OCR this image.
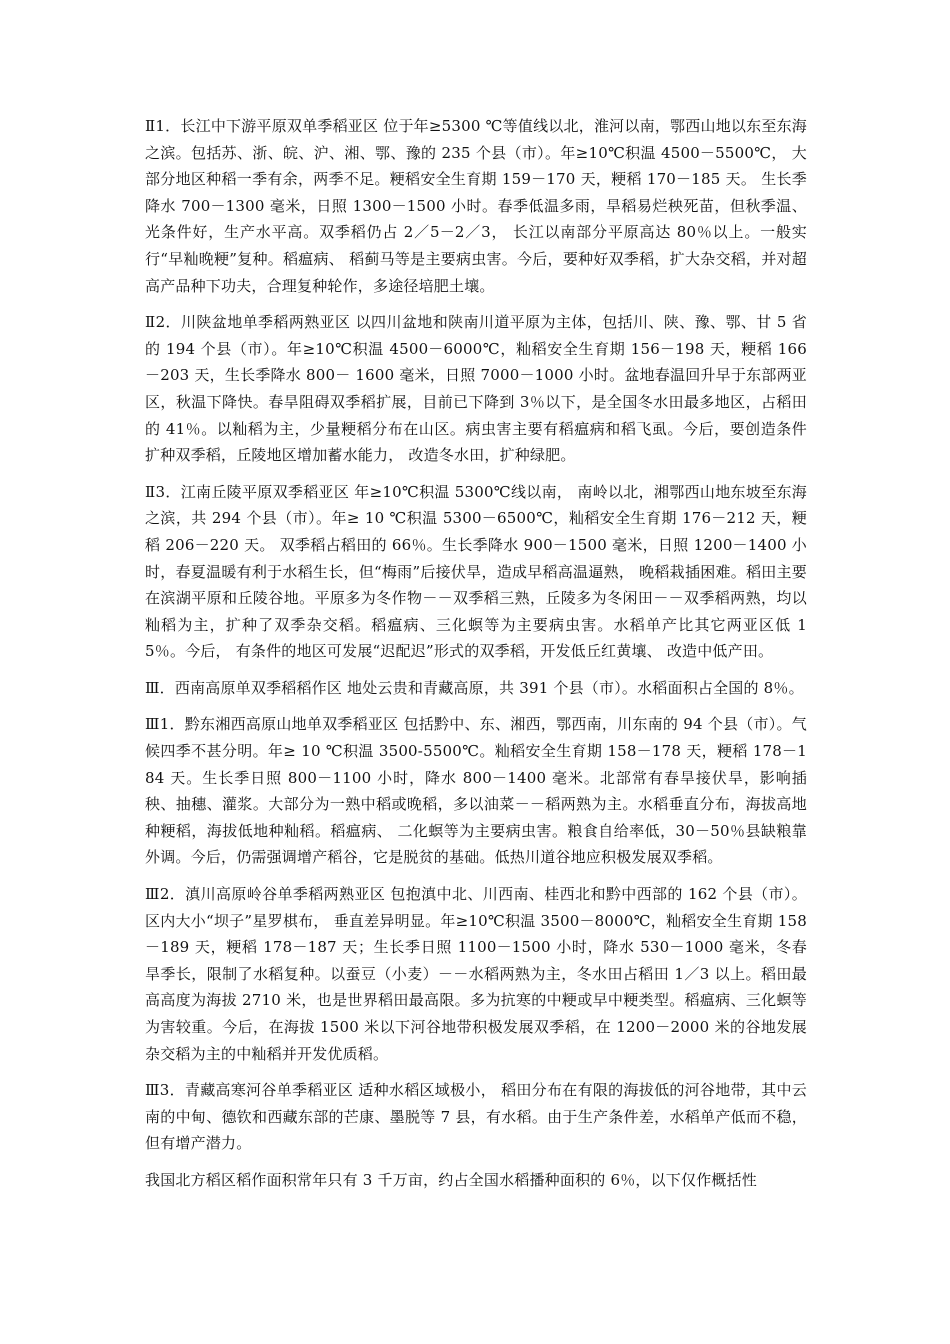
Ⅱ1．长江中下游平原双单季稻亚区 位于年≥5300 ℃等值线以北，淮河以南，鄂西山地以东至东海之滨。包括苏、浙、皖、沪、湘、鄂、豫的 235 个县（市）。年≥10℃积温 4500－5500℃， 大部分地区种稻一季有余，两季不足。粳稻安全生育期 159－170 天，粳稻 170－185 天。 生长季降水 700－1300 毫米，日照 1300－1500 小时。春季低温多雨，旱稻易烂秧死苗，但秋季温、光条件好，生产水平高。双季稻仍占 2／5－2／3， 长江以南部分平原高达 80％以上。一般实行“早籼晚粳”复种。稻瘟病、 稻蓟马等是主要病虫害。今后，要种好双季稻，扩大杂交稻，并对超高产品种下功夫，合理复种轮作，多途径培肥土壤。

Ⅱ2．川陕盆地单季稻两熟亚区 以四川盆地和陕南川道平原为主体，包括川、陕、豫、鄂、甘 5 省的 194 个县（市）。年≥10℃积温 4500－6000℃，籼稻安全生育期 156－198 天，粳稻 166－203 天，生长季降水 800－ 1600 毫米，日照 7000－1000 小时。盆地春温回升早于东部两亚区，秋温下降快。春旱阻碍双季稻扩展，目前已下降到 3％以下，是全国冬水田最多地区，占稻田的 41％。以籼稻为主，少量粳稻分布在山区。病虫害主要有稻瘟病和稻飞虱。今后，要创造条件扩种双季稻，丘陵地区增加蓄水能力， 改造冬水田，扩种绿肥。

Ⅱ3．江南丘陵平原双季稻亚区 年≥10℃积温 5300℃线以南， 南岭以北，湘鄂西山地东坡至东海之滨，共 294 个县（市）。年≥ 10 ℃积温 5300－6500℃，籼稻安全生育期 176－212 天，粳稻 206－220 天。 双季稻占稻田的 66％。生长季降水 900－1500 毫米，日照 1200－1400 小时，春夏温暖有利于水稻生长，但“梅雨”后接伏旱，造成早稻高温逼熟， 晚稻栽插困难。稻田主要在滨湖平原和丘陵谷地。平原多为冬作物－－双季稻三熟，丘陵多为冬闲田－－双季稻两熟，均以籼稻为主，扩种了双季杂交稻。稻瘟病、三化螟等为主要病虫害。水稻单产比其它两亚区低 15％。今后， 有条件的地区可发展“迟配迟”形式的双季稻，开发低丘红黄壤、 改造中低产田。

Ⅲ．西南高原单双季稻稻作区 地处云贵和青藏高原，共 391 个县（市）。水稻面积占全国的 8％。

Ⅲ1．黔东湘西高原山地单双季稻亚区 包括黔中、东、湘西，鄂西南，川东南的 94 个县（市）。气候四季不甚分明。年≥ 10 ℃积温 3500-5500℃。籼稻安全生育期 158－178 天，粳稻 178－184 天。生长季日照 800－1100 小时，降水 800－1400 毫米。北部常有春旱接伏旱，影响插秧、抽穗、灌浆。大部分为一熟中稻或晚稻，多以油菜－－稻两熟为主。水稻垂直分布，海拔高地种粳稻，海拔低地种籼稻。稻瘟病、 二化螟等为主要病虫害。粮食自给率低，30－50％县缺粮靠外调。今后，仍需强调增产稻谷，它是脱贫的基础。低热川道谷地应积极发展双季稻。

Ⅲ2．滇川高原岭谷单季稻两熟亚区 包抱滇中北、川西南、桂西北和黔中西部的 162 个县（市）。区内大小“坝子”星罗棋布， 垂直差异明显。年≥10℃积温 3500－8000℃，籼稻安全生育期 158－189 天，粳稻 178－187 天；生长季日照 1100－1500 小时，降水 530－1000 毫米，冬春旱季长，限制了水稻复种。以蚕豆（小麦）－－水稻两熟为主，冬水田占稻田 1／3 以上。稻田最高高度为海拔 2710 米，也是世界稻田最高限。多为抗寒的中粳或早中粳类型。稻瘟病、三化螟等为害较重。今后，在海拔 1500 米以下河谷地带积极发展双季稻，在 1200－2000 米的谷地发展杂交稻为主的中籼稻并开发优质稻。

Ⅲ3．青藏高寒河谷单季稻亚区 适种水稻区域极小， 稻田分布在有限的海拔低的河谷地带，其中云南的中甸、德钦和西藏东部的芒康、墨脱等 7 县，有水稻。由于生产条件差，水稻单产低而不稳，但有增产潜力。

我国北方稻区稻作面积常年只有 3 千万亩，约占全国水稻播种面积的 6％，以下仅作概括性
